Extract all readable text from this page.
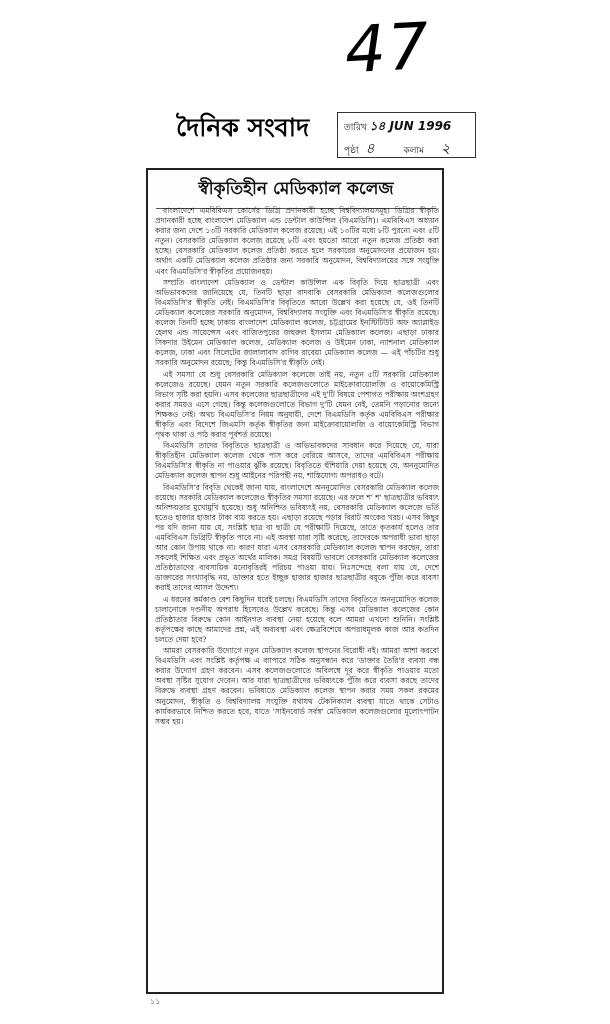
47
দৈনিক সংবাদ	তারিখ ১৪ JUN 1996
পৃষ্ঠা ৪	কলাম ২
স্বীকৃতিহীন মেডিক্যাল কলেজ

বাংলাদেশে এমবিবিএস কোর্সের ডিগ্রি প্রদানকারী হচ্ছে বিশ্ববিদ্যালয়সমূহ। ডিগ্রির স্বীকৃতি প্রদানকারী হচ্ছে বাংলাদেশ মেডিক্যাল এন্ড ডেন্টাল কাউন্সিল (বিএমডিসি)। এমবিবিএস অধ্যয়ন করার জন্য দেশে ১৩টি সরকারি মেডিক্যাল কলেজ রয়েছে। এই ১৩টির মধ্যে ৮টি পুরনো এবং ৫টি নতুন। বেসরকারি মেডিক্যাল কলেজ রয়েছে ৮টি এবং হয়তো আরো নতুন কলেজ প্রতিষ্ঠা করা হচ্ছে। বেসরকারি মেডিক্যাল কলেজ প্রতিষ্ঠা করতে হলে সরকারের অনুমোদনের প্রয়োজন হয়। অর্থাৎ একটি মেডিক্যাল কলেজ প্রতিষ্ঠার জন্য সরকারি অনুমোদন, বিশ্ববিদ্যালয়ের সঙ্গে সংযুক্তি এবং বিএমডিসি'র স্বীকৃতির প্রয়োজনহয়।

সম্প্রতি বাংলাদেশ মেডিক্যাল ও ডেন্টাল কাউন্সিল এক বিবৃতি দিয়ে ছাত্রছাত্রী এবং অভিভাবকদের জানিয়েছে যে, তিনটি ছাড়া বাদবাকি বেসরকারি মেডিক্যাল কলেজগুলোর বিএমডিসি'র স্বীকৃতি নেই। বিএমডিসি'র বিবৃতিতে আরো উল্লেখ করা হয়েছে যে, ওই তিনটি মেডিক্যাল কলেজের সরকারি অনুমোদন, বিশ্ববিদ্যালয় সংযুক্তি এবং বিএমডিসি'র স্বীকৃতি রয়েছে। কলেজ তিনটি হচ্ছে ঢাকায় বাংলাদেশ মেডিক্যাল কলেজ, চট্টগ্রামের ইনস্টিটিউট অফ অ্যাপ্লাইড হেলথ এন্ড সায়েন্সেস এবং বাজিতপুরের জহুরুল ইসলাম মেডিক্যাল কলেজ। এছাড়া ঢাকার সিকদার উইমেন মেডিক্যাল কলেজ, মেডিক্যাল কলেজ ও উইমেন ঢাকা, ন্যাশনাল মেডিক্যাল কলেজ, ঢাকা এবং সিলেটের জালালাবাদ রাগিব রাবেয়া মেডিক্যাল কলেজ — এই পাঁচটির শুধু সরকারি অনুমোদন রয়েছে; কিন্তু বিএমডিসি'র স্বীকৃতি নেই।

এই সমস্যা যে শুধু বেসরকারি মেডিক্যাল কলেজে তাই নয়, নতুন ৫টি সরকারি মেডিক্যাল কলেজেও রয়েছে। যেমন নতুন সরকারি কলেজগুলোতে মাইক্রোবায়োলজি ও বায়োকেমিস্ট্রি বিভাগ সৃষ্টি করা হয়নি। এসব কলেজের ছাত্রছাত্রীদের এই দু'টি বিষয়ে পেশাগত পরীক্ষায় অংশগ্রহণ করার সময়ও এসে গেছে। কিন্তু কলেজগুলোতে বিভাগ দু'টি যেমন নেই, তেমনি পড়ানোর জন্যে শিক্ষকও নেই। অথচ বিএমডিসি'র নিয়ম অনুযায়ী, দেশে বিএমডিসি কর্তৃক এমবিবিএস পরীক্ষার স্বীকৃতি এবং বিদেশে জিএমসি কর্তৃক স্বীকৃতির জন্য মাইক্রোবায়োলজি ও বায়োকেমিস্ট্রি বিভাগ পৃথক থাকা ও পাঠ করার পূর্বশর্ত রয়েছে।

বিএমডিসি তাদের বিবৃতিতে ছাত্রছাত্রী ও অভিভাবকদের সাবধান করে দিয়েছে যে, যারা স্বীকৃতিহীন মেডিক্যাল কলেজ থেকে পাস করে বেরিয়ে আসবে, তাদের এমবিবিএস পরীক্ষায় বিএমডিসি'র স্বীকৃতি না পাওয়ার ঝুঁকি রয়েছে। বিবৃতিতে হুঁশিয়ারি দেয়া হয়েছে যে, অননুমোদিত মেডিক্যাল কলেজ স্থাপন শুধু আইনের পরিপন্থী নয়, শাস্তিযোগ্য অপরাধও বটে।

বিএমডিসি'র বিবৃতি থেকেই জানা যায়, বাংলাদেশে অননুমোদিত বেসরকারি মেডিক্যাল কলেজ রয়েছে। সরকারি মেডিক্যাল কলেজেও স্বীকৃতির সমস্যা রয়েছে। এর ফলে শ' শ' ছাত্রছাত্রীর ভবিষ্যৎ অনিশ্চয়তার মুখোমুখি হয়েছে। শুধু অনিশ্চিত ভবিষ্যৎই নয়, বেসরকারি মেডিক্যাল কলেজে ভর্তি হতেও হাজার হাজার টাকা ব্যয় করতে হয়। এছাড়া রয়েছে পড়ার বিরাট অংকের খরচ। এসব কিছুর পর যদি জানা যায় যে, সংশ্লিষ্ট ছাত্র বা ছাত্রী যে পরীক্ষাটি দিয়েছে, তাতে কৃতকার্য হলেও তার এমবিবিএস ডিগ্রিটি স্বীকৃতি পাবে না। এই অবস্থা যারা সৃষ্টি করেছে, তাদেরকে অপরাধী ভাবা ছাড়া আর কোন উপায় থাকে না। কারণ যারা এসব বেসরকারি মেডিক্যাল কলেজ স্থাপন করছেন, তারা সকলেই শিক্ষিত এবং প্রভূত অর্থের মালিক। সমগ্র বিষয়টি ভাবলে বেসরকারি মেডিক্যাল কলেজের প্রতিষ্ঠাতাদের ব্যবসায়িক মনোবৃত্তিরই পরিচয় পাওয়া যায়। নিঃসন্দেহে বলা যায় যে, দেশে ডাক্তারের সংখ্যাবৃদ্ধি নয়, ডাক্তার হতে ইচ্ছুক হাজার হাজার ছাত্রছাত্রীর বয়ূকে পুঁজি করে ব্যবসা করাই তাদের আসল উদ্দেশ্য।

এ ধরনের কর্মকাণ্ড বেশ কিছুদিন ধরেই চলছে। বিএমডিসি তাদের বিবৃতিতে অননুমোদিত কলেজ চালানোকে দণ্ডনীয় অপরাধ হিসেবেও উল্লেখ করেছে। কিন্তু এসব মেডিক্যাল কলেজের কোন প্রতিষ্ঠাতার বিরুদ্ধে কোন আইনগত ব্যবস্থা নেয়া হয়েছে বলে আমরা এখনো শুনিনি। সংশ্লিষ্ট কর্তৃপক্ষের কাছে আমাদের প্রশ্ন, এই অব্যবস্থা এবং ক্ষেত্রবিশেষে অপরাধমূলক কাজ আর কতদিন চলতে দেয়া হবে?

আমরা বেসরকারি উদ্যোগে নতুন মেডিক্যাল কলেজ স্থাপনের বিরোধী নই। আমরা আশা করবো বিএমডিসি এবং সংশ্লিষ্ট কর্তৃপক্ষ এ ব্যাপারে সঠিক অনুসন্ধান করে 'ডাক্তার তৈরি'র ব্যবসা বন্ধ করার উদ্যোগ গ্রহণ করবেন। এসব কলেজগুলোতে অবিলম্বে দূর করে স্বীকৃতি পাওয়ার মতো অবস্থা সৃষ্টির সুযোগ দেবেন। আর যারা ছাত্রছাত্রীদের ভবিষ্যৎকে পুঁজি করে ব্যবসা করছে তাদের বিরুদ্ধে ব্যবস্থা গ্রহণ করবেন। ভবিষ্যতে মেডিক্যাল কলেজ স্থাপন করার সময় সকল রকমের অনুমোদন, স্বীকৃতি ও বিশ্ববিদ্যালয় সংযুক্তি যথাযথ টেকনিক্যাল ব্যবস্থা যাতে থাকে সেটাও কার্যকরভাবে নিশ্চিত করতে হবে, যাতে 'সাইনবোর্ড সর্বস্ব' মেডিক্যাল কলেজগুলোর মূলোৎপাটন সম্ভব হয়।

১১
